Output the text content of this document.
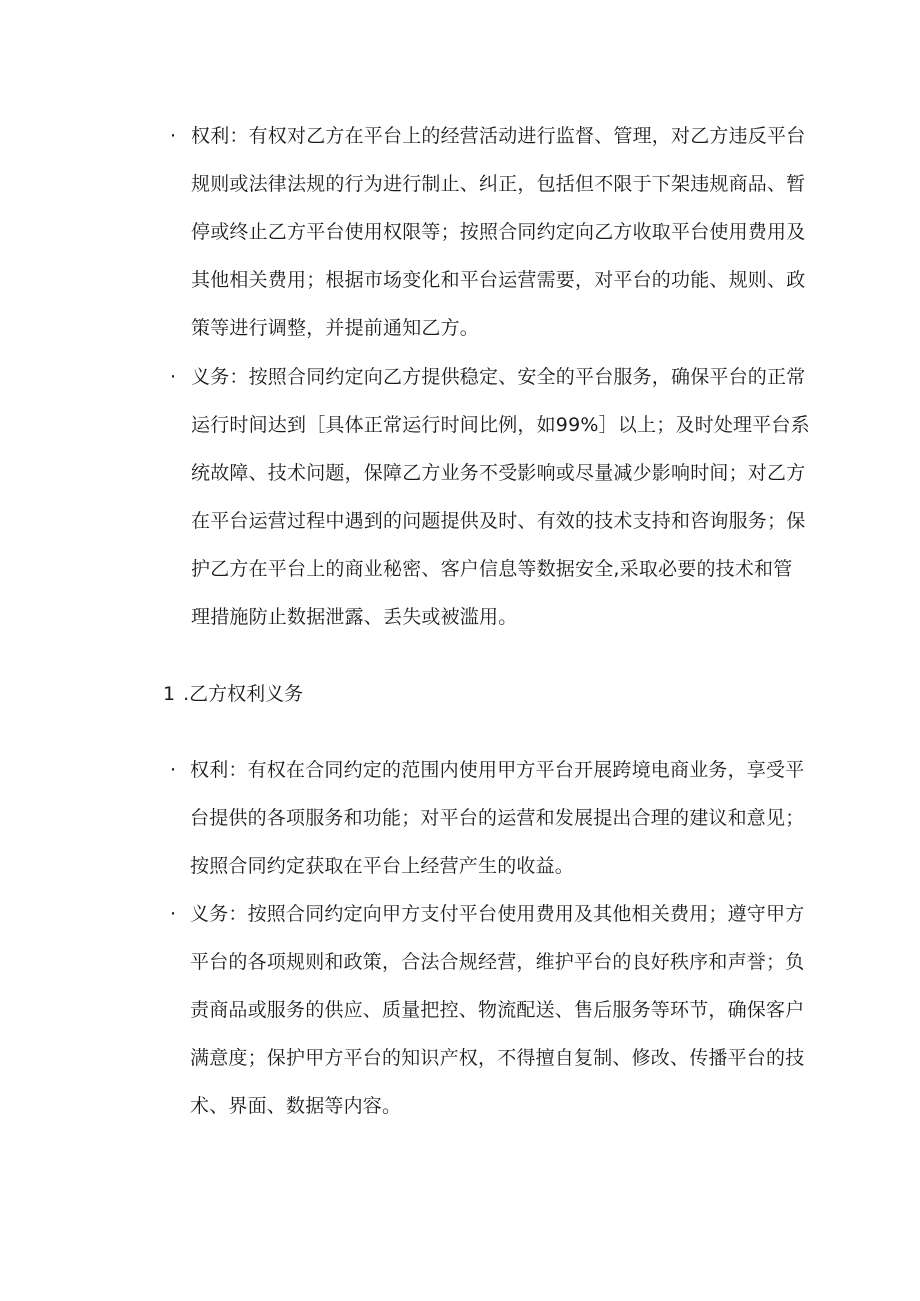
· 权利：有权对乙方在平台上的经营活动进行监督、管理，对乙方违反平台规则或法律法规的行为进行制止、纠正，包括但不限于下架违规商品、暂停或终止乙方平台使用权限等；按照合同约定向乙方收取平台使用费用及其他相关费用；根据市场变化和平台运营需要，对平台的功能、规则、政策等进行调整，并提前通知乙方。
· 义务：按照合同约定向乙方提供稳定、安全的平台服务，确保平台的正常运行时间达到［具体正常运行时间比例，如99%］以上；及时处理平台系统故障、技术问题，保障乙方业务不受影响或尽量减少影响时间；对乙方在平台运营过程中遇到的问题提供及时、有效的技术支持和咨询服务；保护乙方在平台上的商业秘密、客户信息等数据安全,采取必要的技术和管理措施防止数据泄露、丢失或被滥用。
1 .乙方权利义务
· 权利：有权在合同约定的范围内使用甲方平台开展跨境电商业务，享受平台提供的各项服务和功能；对平台的运营和发展提出合理的建议和意见；按照合同约定获取在平台上经营产生的收益。
· 义务：按照合同约定向甲方支付平台使用费用及其他相关费用；遵守甲方平台的各项规则和政策，合法合规经营，维护平台的良好秩序和声誉；负责商品或服务的供应、质量把控、物流配送、售后服务等环节，确保客户满意度；保护甲方平台的知识产权，不得擅自复制、修改、传播平台的技术、界面、数据等内容。
